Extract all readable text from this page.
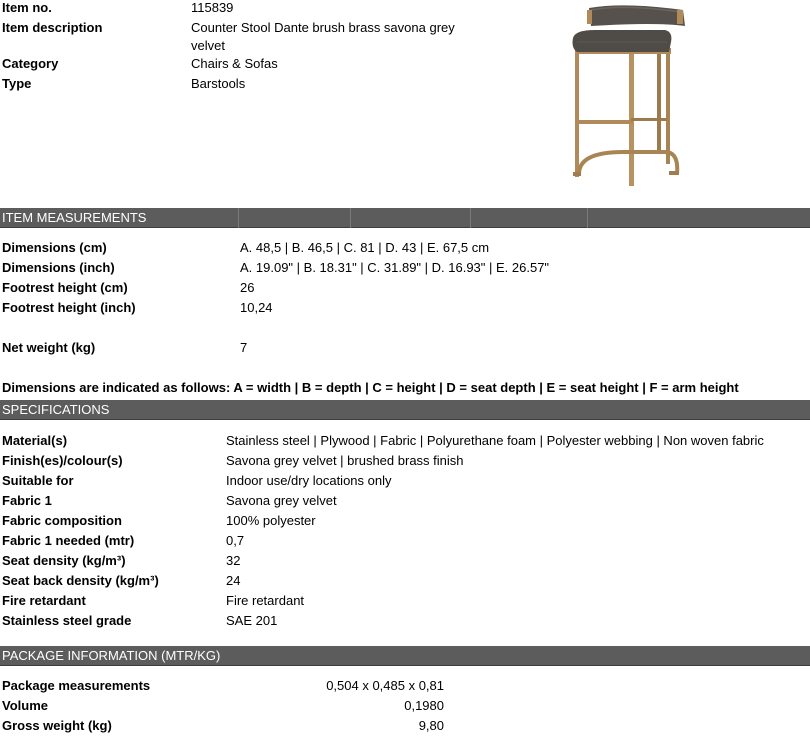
Item no.	115839
Item description	Counter Stool Dante brush brass savona grey
velvet
Category	Chairs & Sofas
Type	Barstools
ITEM MEASUREMENTS
Dimensions (cm)	A. 48,5 | B. 46,5 | C. 81 | D. 43 | E. 67,5 cm
Dimensions (inch)	A. 19.09" | B. 18.31" | C. 31.89" | D. 16.93" | E. 26.57"
Footrest height (cm)	26
Footrest height (inch)	10,24
Net weight (kg)	7
Dimensions are indicated as follows: A = width | B = depth | C = height | D = seat depth | E = seat height | F = arm height
SPECIFICATIONS
Material(s)	Stainless steel | Plywood | Fabric | Polyurethane foam | Polyester webbing | Non woven fabric
Finish(es)/colour(s)	Savona grey velvet | brushed brass finish
Suitable for	Indoor use/dry locations only
Fabric 1	Savona grey velvet
Fabric composition	100% polyester
Fabric 1 needed (mtr)	0,7
Seat density (kg/m³)	32
Seat back density (kg/m³)	24
Fire retardant	Fire retardant
Stainless steel grade	SAE 201
PACKAGE INFORMATION (MTR/KG)
Package measurements	0,504 x 0,485 x 0,81
Volume	0,1980
Gross weight (kg)	9,80
